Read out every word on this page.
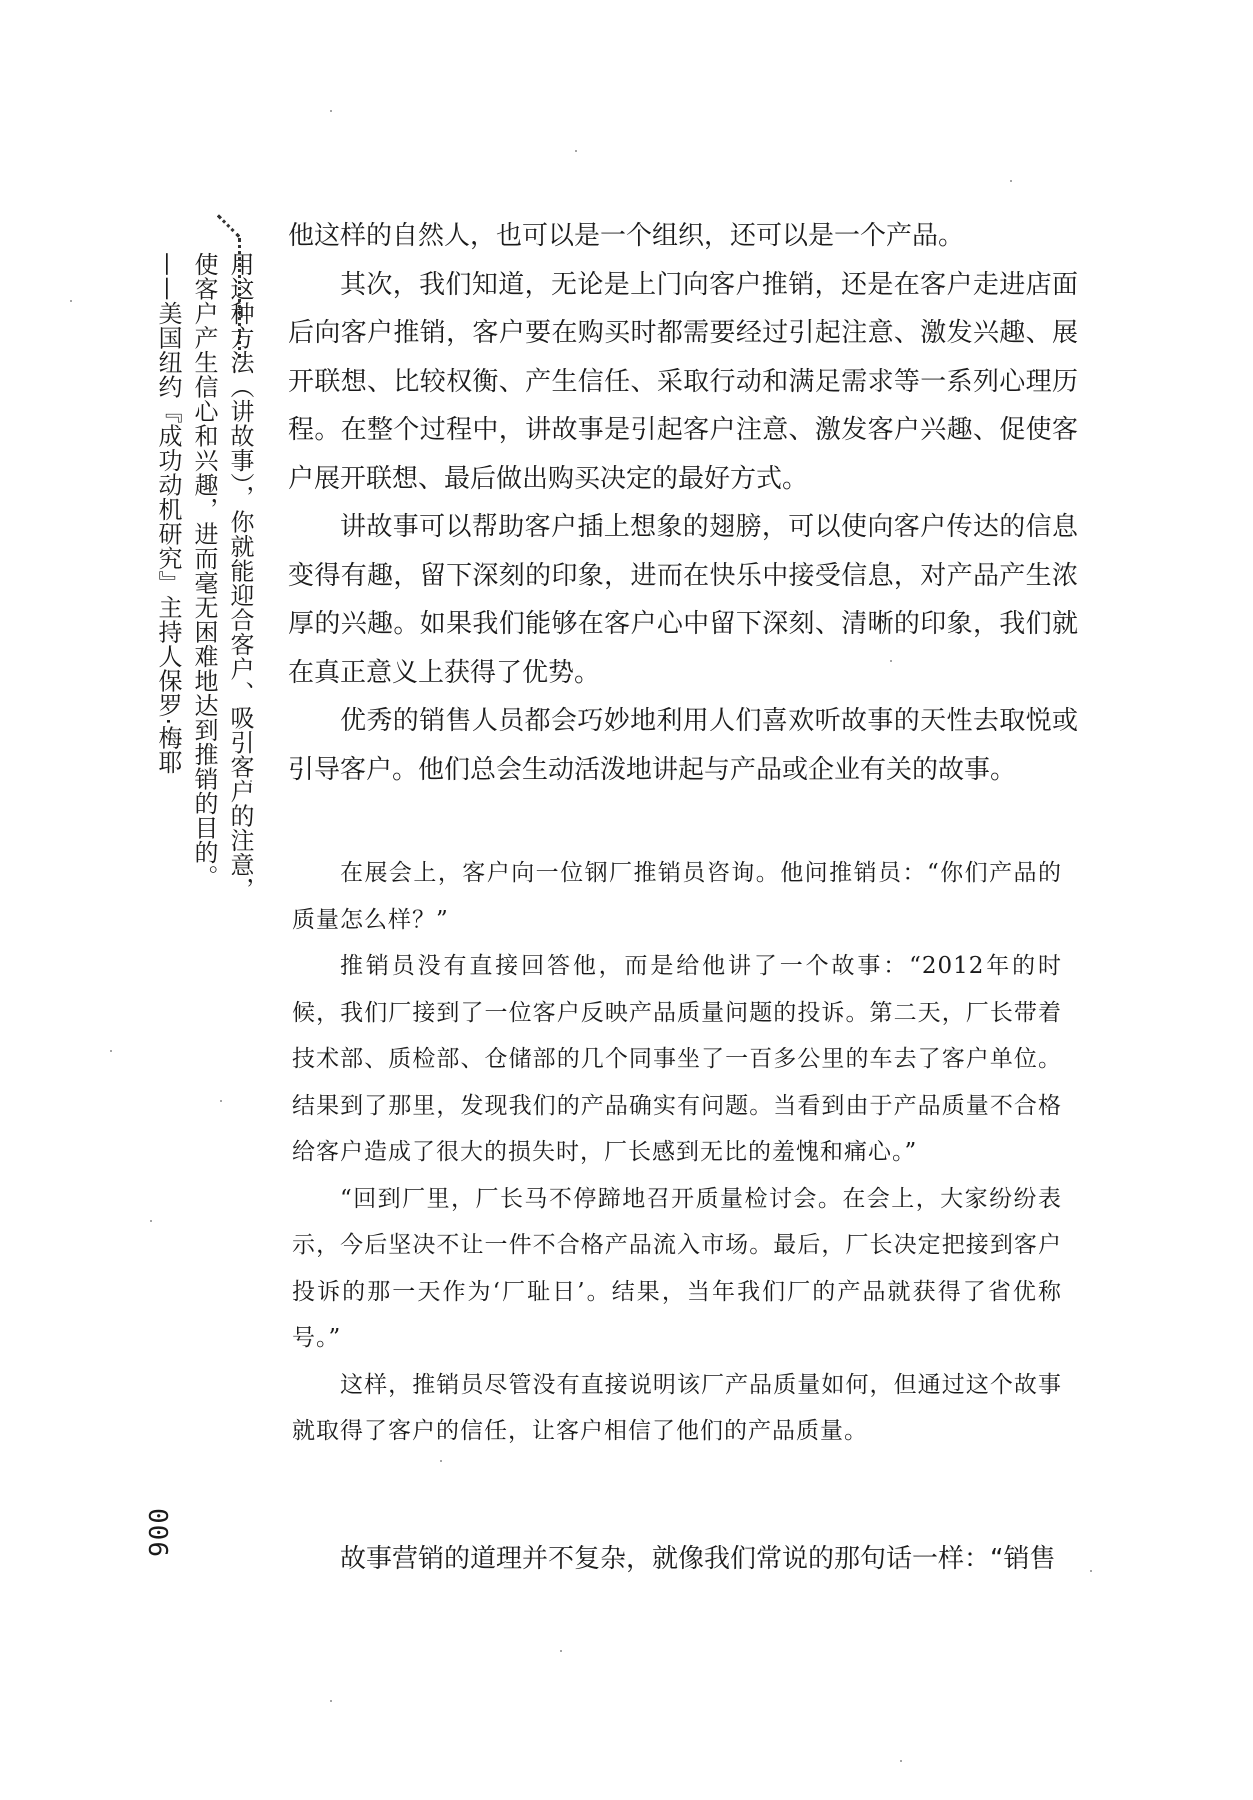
用这种方法（讲故事），你就能迎合客户、吸引客户的注意，使客户产生信心和兴趣，进而毫无困难地达到推销的目的。

——美国纽约『成功动机研究』主持人保罗·梅耶

006

他这样的自然人，也可以是一个组织，还可以是一个产品。

其次，我们知道，无论是上门向客户推销，还是在客户走进店面后向客户推销，客户要在购买时都需要经过引起注意、激发兴趣、展开联想、比较权衡、产生信任、采取行动和满足需求等一系列心理历程。在整个过程中，讲故事是引起客户注意、激发客户兴趣、促使客户展开联想、最后做出购买决定的最好方式。

讲故事可以帮助客户插上想象的翅膀，可以使向客户传达的信息变得有趣，留下深刻的印象，进而在快乐中接受信息，对产品产生浓厚的兴趣。如果我们能够在客户心中留下深刻、清晰的印象，我们就在真正意义上获得了优势。

优秀的销售人员都会巧妙地利用人们喜欢听故事的天性去取悦或引导客户。他们总会生动活泼地讲起与产品或企业有关的故事。

在展会上，客户向一位钢厂推销员咨询。他问推销员：“你们产品的质量怎么样？”

推销员没有直接回答他，而是给他讲了一个故事：“2012年的时候，我们厂接到了一位客户反映产品质量问题的投诉。第二天，厂长带着技术部、质检部、仓储部的几个同事坐了一百多公里的车去了客户单位。结果到了那里，发现我们的产品确实有问题。当看到由于产品质量不合格给客户造成了很大的损失时，厂长感到无比的羞愧和痛心。”

“回到厂里，厂长马不停蹄地召开质量检讨会。在会上，大家纷纷表示，今后坚决不让一件不合格产品流入市场。最后，厂长决定把接到客户投诉的那一天作为‘厂耻日’。结果，当年我们厂的产品就获得了省优称号。”

这样，推销员尽管没有直接说明该厂产品质量如何，但通过这个故事就取得了客户的信任，让客户相信了他们的产品质量。

故事营销的道理并不复杂，就像我们常说的那句话一样：“销售
